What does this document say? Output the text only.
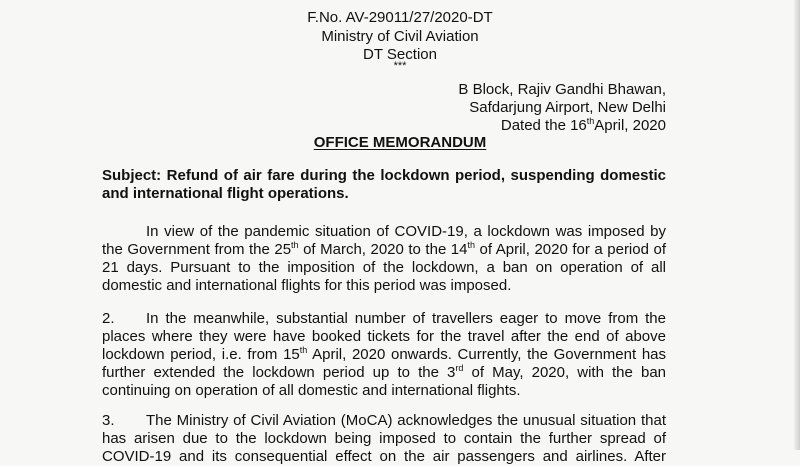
F.No. AV-29011/27/2020-DT
Ministry of Civil Aviation
DT Section
***
B Block, Rajiv Gandhi Bhawan,
Safdarjung Airport, New Delhi
Dated the 16thApril, 2020
OFFICE MEMORANDUM
Subject: Refund of air fare during the lockdown period, suspending domestic
and international flight operations.
In view of the pandemic situation of COVID-19, a lockdown was imposed by
the Government from the 25th of March, 2020 to the 14th of April, 2020 for a period of
21 days. Pursuant to the imposition of the lockdown, a ban on operation of all
domestic and international flights for this period was imposed.
2. In the meanwhile, substantial number of travellers eager to move from the
places where they were have booked tickets for the travel after the end of above
lockdown period, i.e. from 15th April, 2020 onwards. Currently, the Government has
further extended the lockdown period up to the 3rd of May, 2020, with the ban
continuing on operation of all domestic and international flights.
3. The Ministry of Civil Aviation (MoCA) acknowledges the unusual situation that
has arisen due to the lockdown being imposed to contain the further spread of
COVID-19 and its consequential effect on the air passengers and airlines. After
